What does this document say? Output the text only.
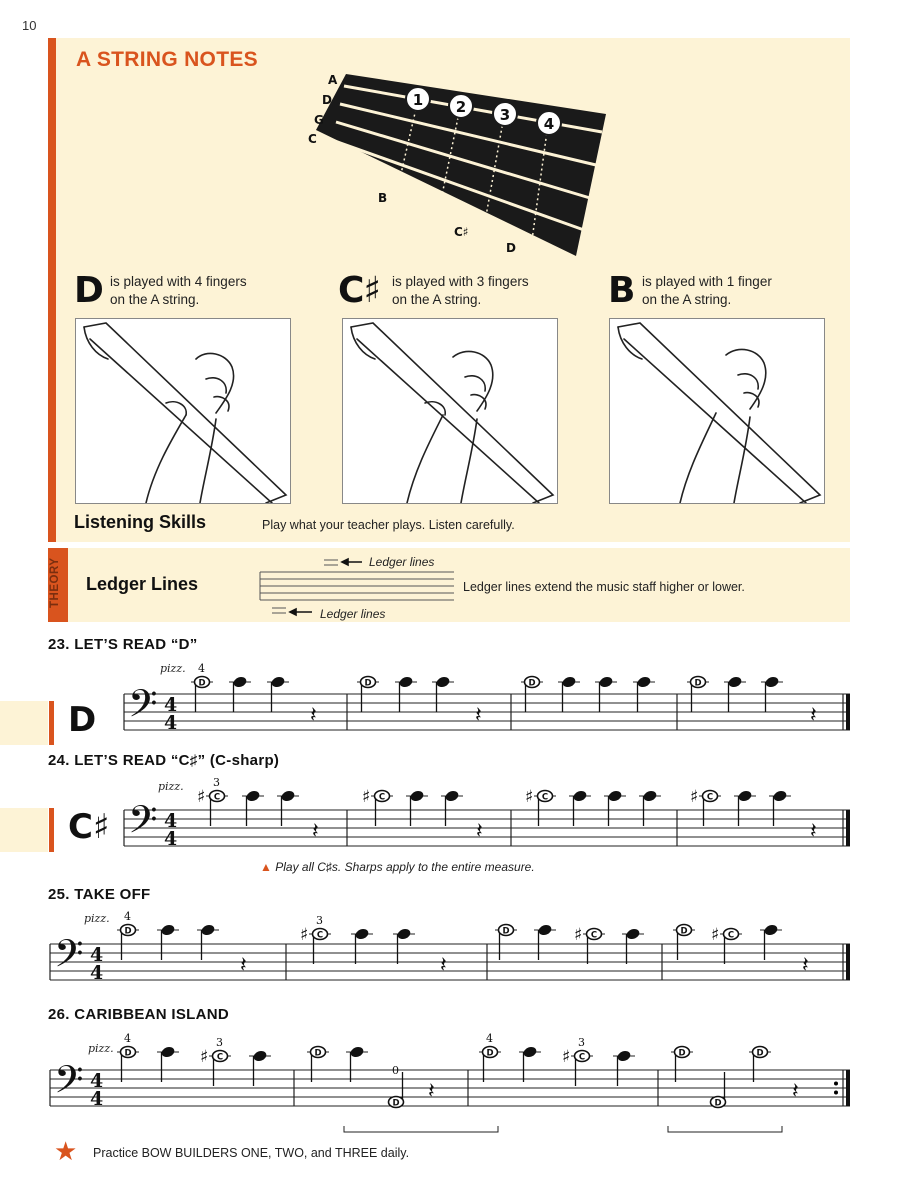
10
A STRING NOTES
1 2 3 4
A
D
G
C
B
C♯
D
D is played with 4 fingers
on the A string.	C♯ is played with 3 fingers
on the A string.	B is played with 1 finger
on the A string.
Listening Skills	Play what your teacher plays. Listen carefully.
THEORY Ledger Lines
Ledger lines
Ledger lines
Ledger lines extend the music staff higher or lower.
23. LET’S READ “D”
D
24. LET’S READ “C♯” (C-sharp)
C♯
▲ Play all C♯s. Sharps apply to the entire measure.
25. TAKE OFF
26. CARIBBEAN ISLAND
𝄢 4
4
pizz.
D
4
D	D	D
𝄽	𝄽	𝄽
𝄢 4
4
pizz.
C
♯
3
C
♯	C
♯	C
♯
𝄽	𝄽	𝄽
𝄢 4
4
pizz.
D
4
𝄽
C
♯
3
𝄽
D	C
♯	D	C
♯
𝄽
𝄢 4
4
pizz. D
4
C
♯
3
D
D
0
𝄽
D
4
C
♯
3
D
D
D
𝄽
★ Practice BOW BUILDERS ONE, TWO, and THREE daily.
